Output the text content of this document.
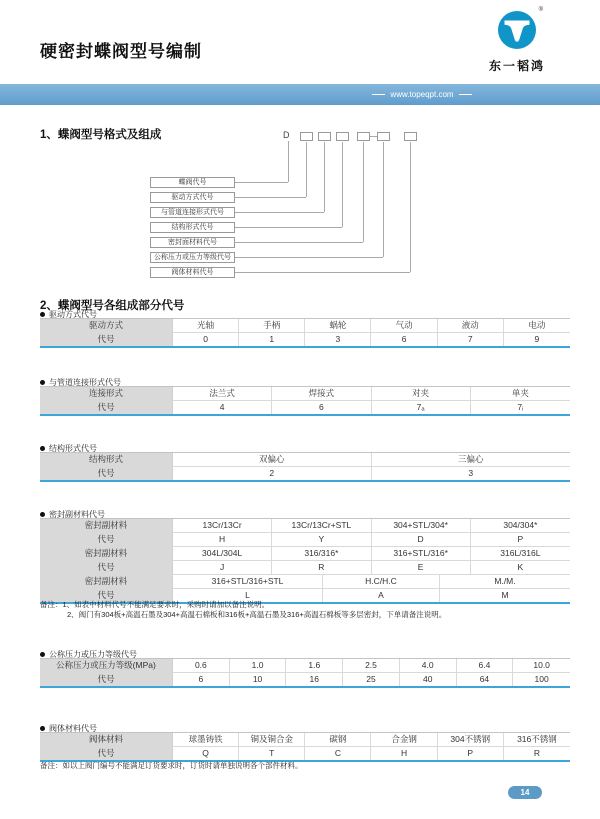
硬密封蝶阀型号编制
®
东一韬鸿
www.topeqpt.com
1、蝶阀型号格式及组成	D
蝶阀代号
驱动方式代号
与管道连接形式代号
结构形式代号
密封面材料代号
公称压力或压力等级代号
阀体材料代号
2、蝶阀型号各组成部分代号
驱动方式代号
驱动方式	光轴	手柄	蜗轮	气动	液动	电动
代号	0	1	3	6	7	9
与管道连接形式代号
连接形式	法兰式	焊接式	对夹	单夹
代号	4	6	7ₐ	7ᵢ
结构形式代号
结构形式	双偏心	三偏心
代号	2	3
密封副材料代号
密封副材料	13Cr/13Cr	13Cr/13Cr+STL	304+STL/304*	304/304*
代号	H	Y	D	P
密封副材料	304L/304L	316/316*	316+STL/316*	316L/316L
代号	J	R	E	K
密封副材料	316+STL/316+STL	H.C/H.C	M./M.
代号	L	A	M
备注：1、如表中材料代号不能满足要求时，采购时请加以备注说明。
2、阀门有304板+高温石墨及304+高温石棉板和316板+高温石墨及316+高温石棉板等多层密封，下单请备注说明。
公称压力或压力等级代号
公称压力或压力等级(MPa)	0.6	1.0	1.6	2.5	4.0	6.4	10.0
代号	6	10	16	25	40	64	100
阀体材料代号
阀体材料	球墨铸铁	铜及铜合金	碳钢	合金钢	304不锈钢	316不锈钢
代号	Q	T	C	H	P	R
备注：如以上阀门编号不能满足订货要求时，订货时请单独说明各个部件材料。
14
